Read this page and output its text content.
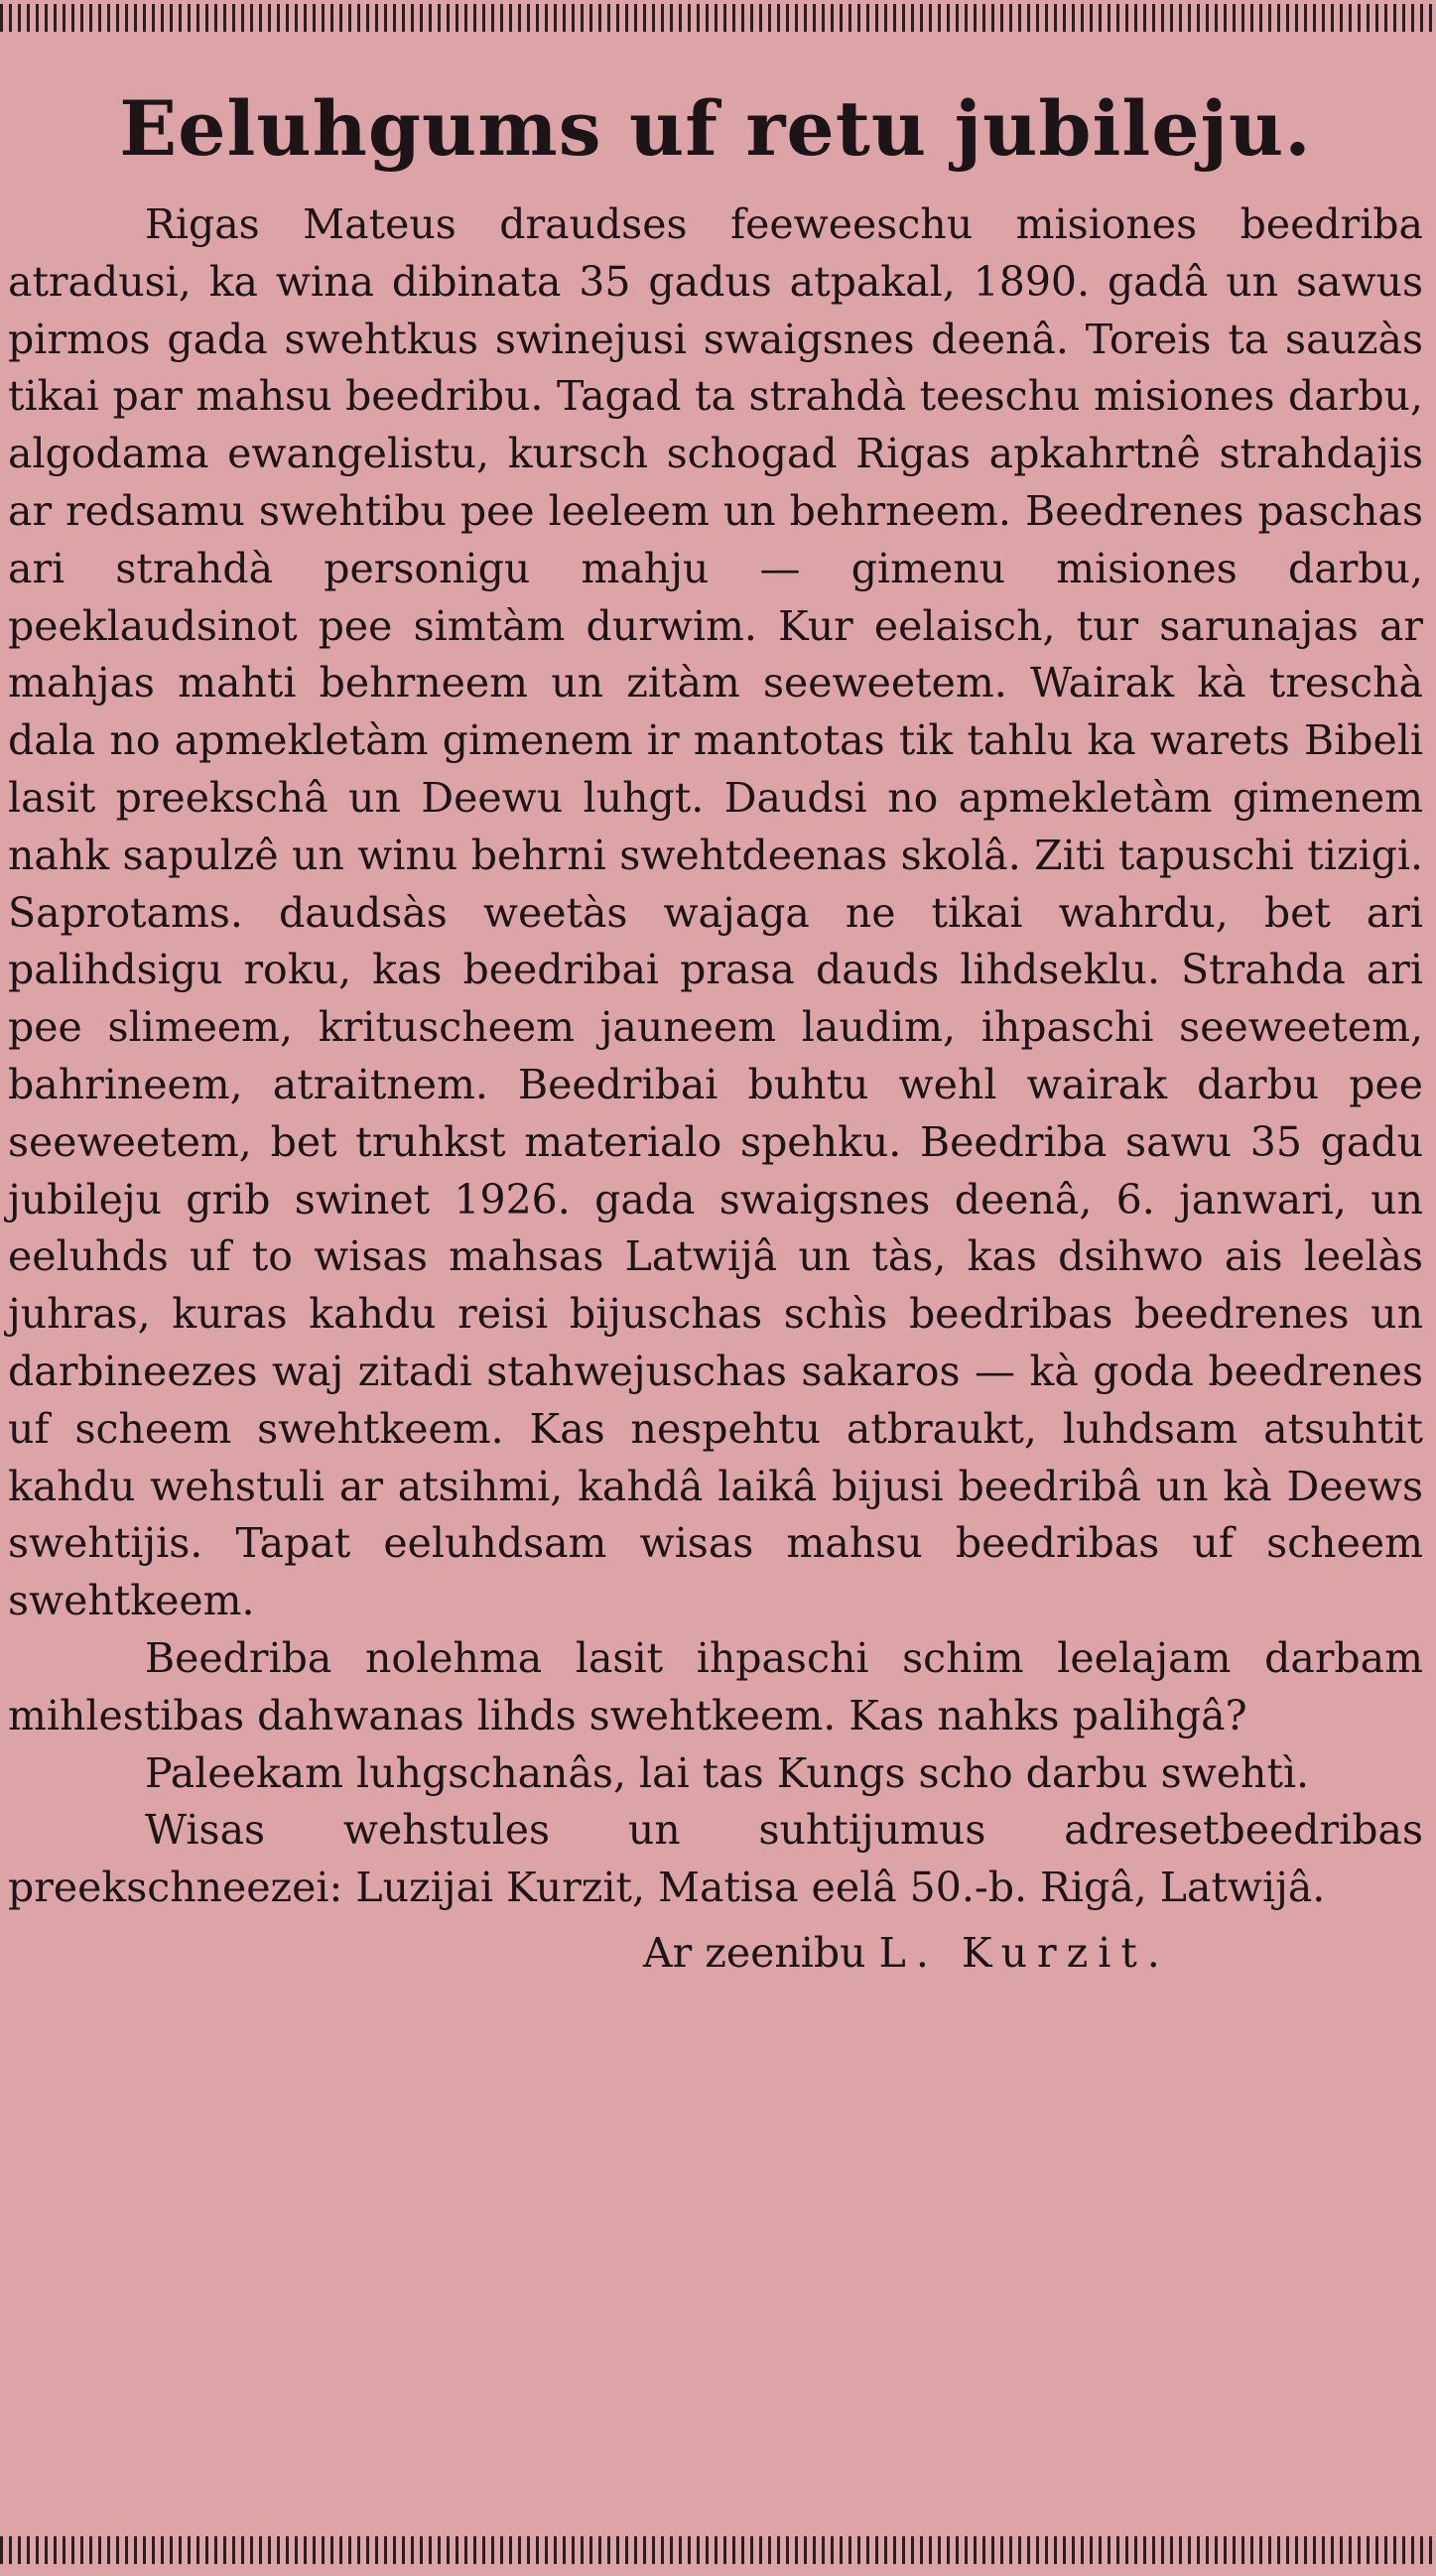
Eeluhgums uf retu jubileju.

Rigas Mateus draudses feeweeschu misiones beedriba atradusi, ka wina dibinata 35 gadus atpakal, 1890. gadâ un sawus pirmos gada swehtkus swinejusi swaigsnes deenâ. Toreis ta sauzàs tikai par mahsu beedribu. Tagad ta strahdà teeschu misiones darbu, algodama ewangelistu, kursch schogad Rigas apkahrtnê strahdajis ar redsamu swehtibu pee leeleem un behrneem. Beedrenes paschas ari strahdà personigu mahju — gimenu misiones darbu, peeklaudsinot pee simtàm durwim. Kur eelaisch, tur sarunajas ar mahjas mahti behrneem un zitàm seeweetem. Wairak kà treschà dala no apmekletàm gimenem ir mantotas tik tahlu ka warets Bibeli lasit preekschâ un Deewu luhgt. Daudsi no apmekletàm gimenem nahk sapulzê un winu behrni swehtdeenas skolâ. Ziti tapuschi tizigi. Saprotams. daudsàs weetàs wajaga ne tikai wahrdu, bet ari palihdsigu roku, kas beedribai prasa dauds lihdseklu. Strahda ari pee slimeem, krituscheem jauneem laudim, ihpaschi seeweetem, bahrineem, atraitnem. Beedribai buhtu wehl wairak darbu pee seeweetem, bet truhkst materialo spehku. Beedriba sawu 35 gadu jubileju grib swinet 1926. gada swaigsnes deenâ, 6. janwari, un eeluhds uf to wisas mahsas Latwijâ un tàs, kas dsihwo ais leelàs juhras, kuras kahdu reisi bijuschas schìs beedribas beedrenes un darbineezes waj zitadi stahwejuschas sakaros — kà goda beedrenes uf scheem swehtkeem. Kas nespehtu atbraukt, luhdsam atsuhtit kahdu wehstuli ar atsihmi, kahdâ laikâ bijusi beedribâ un kà Deews swehtijis. Tapat eeluhdsam wisas mahsu beedribas uf scheem swehtkeem.

Beedriba nolehma lasit ihpaschi schim leelajam darbam mihlestibas dahwanas lihds swehtkeem. Kas nahks palihgâ?

Paleekam luhgschanâs, lai tas Kungs scho darbu swehtì.

Wisas wehstules un suhtijumus adresetbeedribas preekschneezei: Luzijai Kurzit, Matisa eelâ 50.-b. Rigâ, Latwijâ.

Ar zeenibu L. Kurzit.
